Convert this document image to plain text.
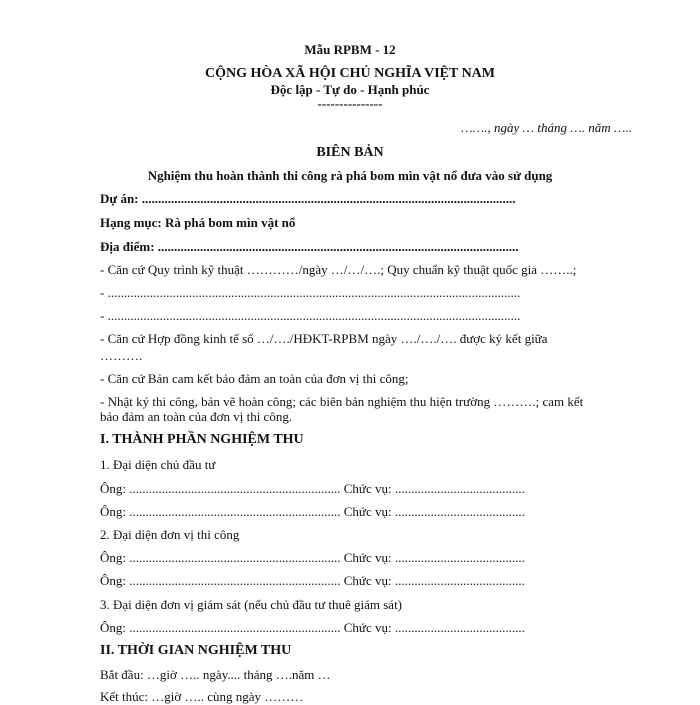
Mẫu RPBM - 12
CỘNG HÒA XÃ HỘI CHỦ NGHĨA VIỆT NAM
Độc lập - Tự do - Hạnh phúc
---------------
……., ngày … tháng …. năm …..
BIÊN BẢN
Nghiệm thu hoàn thành thi công rà phá bom mìn vật nổ đưa vào sử dụng
Dự án: ...................................................................................................................
Hạng mục: Rà phá bom mìn vật nổ
Địa điểm: ...............................................................................................................
- Căn cứ Quy trình kỹ thuật …………/ngày …/…/….; Quy chuẩn kỹ thuật quốc gia ……..;
- ...............................................................................................................................
- ...............................................................................................................................
- Căn cứ Hợp đồng kinh tế số …/…./HĐKT-RPBM ngày …./…./…. được ký kết giữa
……….
- Căn cứ Bản cam kết bảo đảm an toàn của đơn vị thi công;
- Nhật ký thi công, bản vẽ hoàn công; các biên bản nghiệm thu hiện trường ……….; cam kết
bảo đảm an toàn của đơn vị thi công.
I. THÀNH PHẦN NGHIỆM THU
1. Đại diện chủ đầu tư
Ông: ................................................................. Chức vụ: ........................................
Ông: ................................................................. Chức vụ: ........................................
2. Đại diện đơn vị thi công
Ông: ................................................................. Chức vụ: ........................................
Ông: ................................................................. Chức vụ: ........................................
3. Đại diện đơn vị giám sát (nếu chủ đầu tư thuê giám sát)
Ông: ................................................................. Chức vụ: ........................................
II. THỜI GIAN NGHIỆM THU
Bắt đầu: …giờ ….. ngày.... tháng ….năm …
Kết thúc: …giờ ….. cùng ngày ………
